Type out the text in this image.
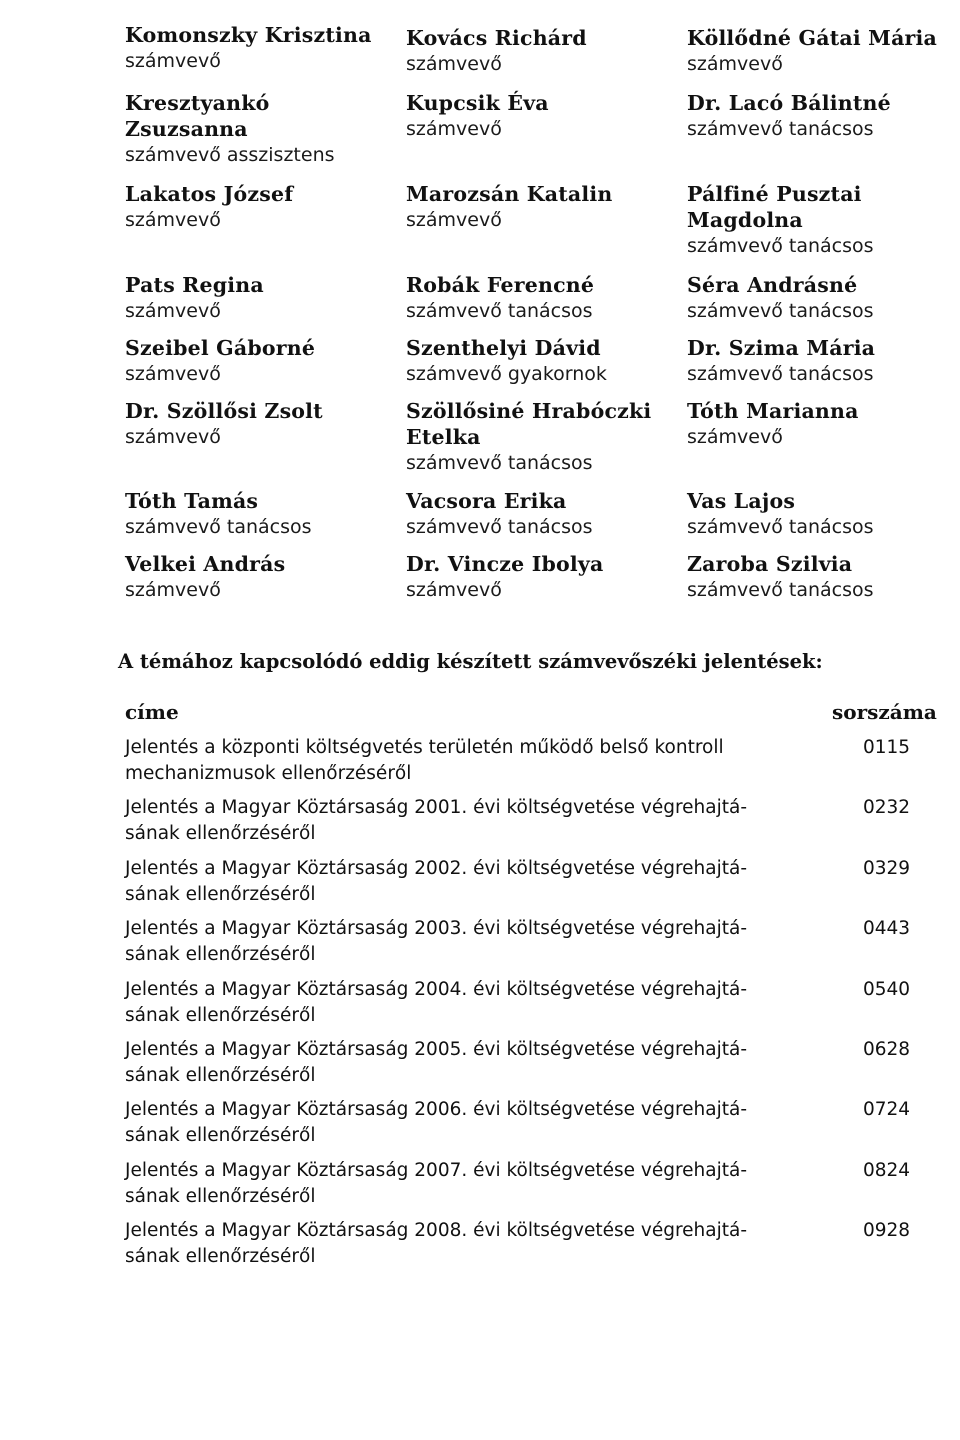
Komonszky Krisztina
számvevő
Kovács Richárd
számvevő
Köllődné Gátai Mária
számvevő
Kresztyankó
Zsuzsanna
számvevő asszisztens
Kupcsik Éva
számvevő
Dr. Lacó Bálintné
számvevő tanácsos
Lakatos József
számvevő
Marozsán Katalin
számvevő
Pálfiné Pusztai
Magdolna
számvevő tanácsos
Pats Regina
számvevő
Robák Ferencné
számvevő tanácsos
Séra Andrásné
számvevő tanácsos
Szeibel Gáborné
számvevő
Szenthelyi Dávid
számvevő gyakornok
Dr. Szima Mária
számvevő tanácsos
Dr. Szöllősi Zsolt
számvevő
Szöllősiné Hrabóczki
Etelka
számvevő tanácsos
Tóth Marianna
számvevő
Tóth Tamás
számvevő tanácsos
Vacsora Erika
számvevő tanácsos
Vas Lajos
számvevő tanácsos
Velkei András
számvevő
Dr. Vincze Ibolya
számvevő
Zaroba Szilvia
számvevő tanácsos
A témához kapcsolódó eddig készített számvevőszéki jelentések:
címe	sorszáma
Jelentés a központi költségvetés területén működő belső kontroll
mechanizmusok ellenőrzéséről
0115
Jelentés a Magyar Köztársaság 2001. évi költségvetése végrehajtá-
sának ellenőrzéséről
0232
Jelentés a Magyar Köztársaság 2002. évi költségvetése végrehajtá-
sának ellenőrzéséről
0329
Jelentés a Magyar Köztársaság 2003. évi költségvetése végrehajtá-
sának ellenőrzéséről
0443
Jelentés a Magyar Köztársaság 2004. évi költségvetése végrehajtá-
sának ellenőrzéséről
0540
Jelentés a Magyar Köztársaság 2005. évi költségvetése végrehajtá-
sának ellenőrzéséről
0628
Jelentés a Magyar Köztársaság 2006. évi költségvetése végrehajtá-
sának ellenőrzéséről
0724
Jelentés a Magyar Köztársaság 2007. évi költségvetése végrehajtá-
sának ellenőrzéséről
0824
Jelentés a Magyar Köztársaság 2008. évi költségvetése végrehajtá-
sának ellenőrzéséről
0928
